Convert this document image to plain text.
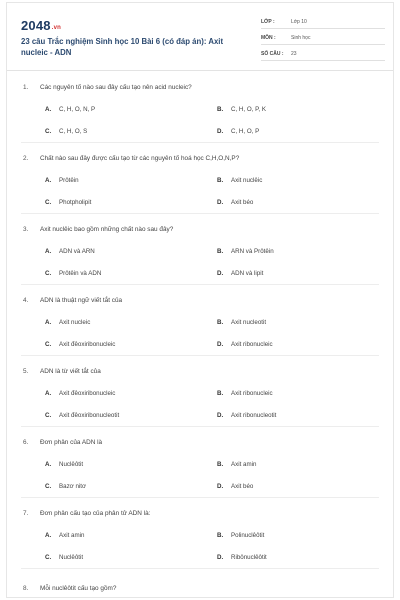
2048.vn
23 câu Trắc nghiệm Sinh học 10 Bài 6 (có đáp án): Axit nucleic - ADN
LỚP :	Lớp 10
MÔN :	Sinh học
SỐ CÂU :	23
1. Các nguyên tố nào sau đây cấu tạo nên acid nucleic?
A. C, H, O, N, P	B. C, H, O, P, K
C. C, H, O, S	D. C, H, O, P
2. Chất nào sau đây được cấu tạo từ các nguyên tố hoá học C,H,O,N,P?
A. Prôtêin	B. Axit nuclêic
C. Photpholipit	D. Axit béo
3. Axit nuclêic bao gồm những chất nào sau đây?
A. ADN và ARN	B. ARN và Prôtêin
C. Prôtêin và ADN	D. ADN và lipit
4. ADN là thuật ngữ viết tắt của
A. Axit nucleic	B. Axit nucleotit
C. Axit đêoxiribonucleic	D. Axit ribonucleic
5. ADN là từ viết tắt của
A. Axit đêoxiribonucleic	B. Axit ribonucleic
C. Axit đêoxiribonucleotit	D. Axit ribonucleotit
6. Đơn phân của ADN là
A. Nuclêôtit	B. Axit amin
C. Bazơ nitơ	D. Axit béo
7. Đơn phân cấu tạo của phân tử ADN là:
A. Axit amin	B. Polinuclêôtit
C. Nuclêôtit	D. Ribônuclêôtit
8. Mỗi nuclêôtit cấu tạo gồm?
